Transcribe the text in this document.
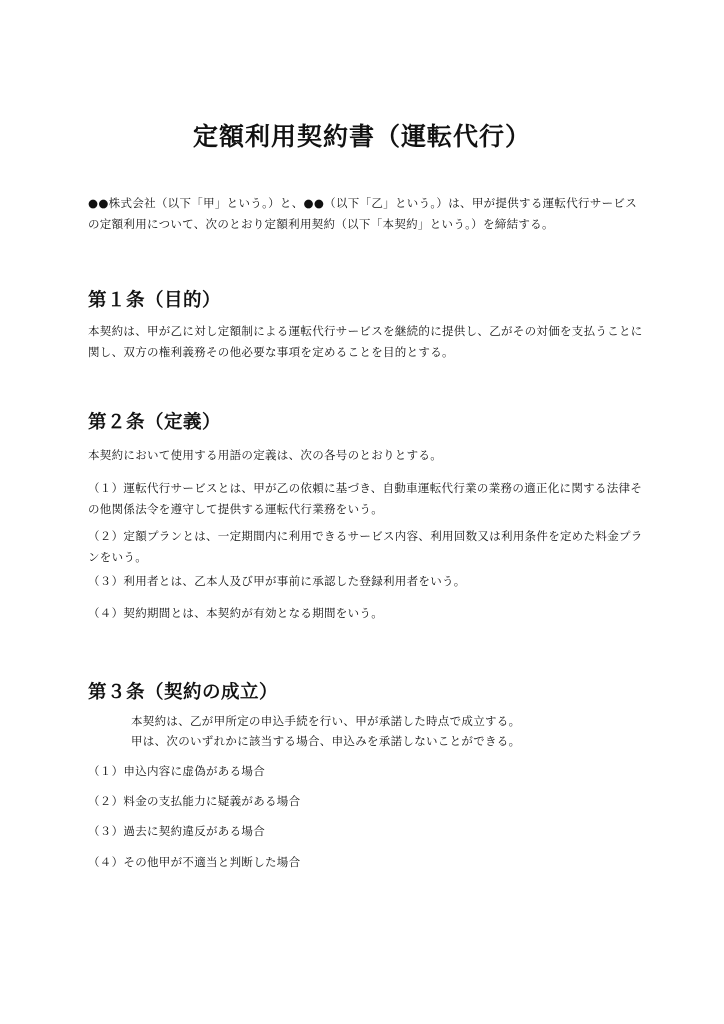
定額利用契約書（運転代行）

●●株式会社（以下「甲」という。）と、●●（以下「乙」という。）は、甲が提供する運転代行サービスの定額利用について、次のとおり定額利用契約（以下「本契約」という。）を締結する。

第１条（目的）

本契約は、甲が乙に対し定額制による運転代行サービスを継続的に提供し、乙がその対価を支払うことに関し、双方の権利義務その他必要な事項を定めることを目的とする。

第２条（定義）

本契約において使用する用語の定義は、次の各号のとおりとする。

（１）運転代行サービスとは、甲が乙の依頼に基づき、自動車運転代行業の業務の適正化に関する法律その他関係法令を遵守して提供する運転代行業務をいう。

（２）定額プランとは、一定期間内に利用できるサービス内容、利用回数又は利用条件を定めた料金プランをいう。

（３）利用者とは、乙本人及び甲が事前に承認した登録利用者をいう。

（４）契約期間とは、本契約が有効となる期間をいう。

第３条（契約の成立）

本契約は、乙が甲所定の申込手続を行い、甲が承諾した時点で成立する。

甲は、次のいずれかに該当する場合、申込みを承諾しないことができる。

（１）申込内容に虚偽がある場合

（２）料金の支払能力に疑義がある場合

（３）過去に契約違反がある場合

（４）その他甲が不適当と判断した場合
